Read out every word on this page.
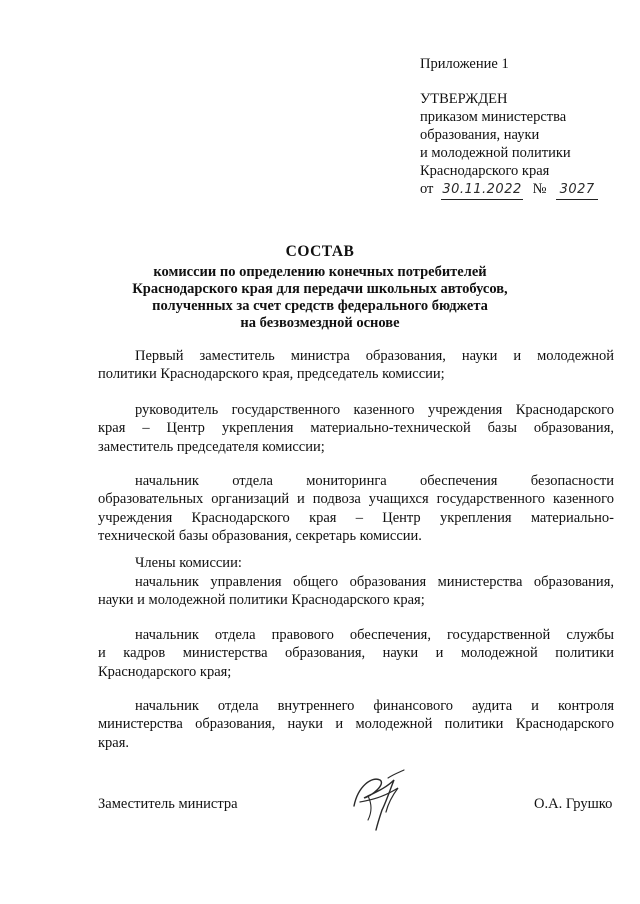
Приложение 1
УТВЕРЖДЕН
приказом министерства
образования, науки
и молодежной политики
Краснодарского края
от 30.11.2022 № 3027
СОСТАВ
комиссии по определению конечных потребителей
Краснодарского края для передачи школьных автобусов,
полученных за счет средств федерального бюджета
на безвозмездной основе
Первый заместитель министра образования, науки и молодежной
политики Краснодарского края, председатель комиссии;
руководитель государственного казенного учреждения Краснодарского
края – Центр укрепления материально-технической базы образования,
заместитель председателя комиссии;
начальник отдела мониторинга обеспечения безопасности
образовательных организаций и подвоза учащихся государственного казенного
учреждения Краснодарского края – Центр укрепления материально-
технической базы образования, секретарь комиссии.
Члены комиссии:
начальник управления общего образования министерства образования,
науки и молодежной политики Краснодарского края;
начальник отдела правового обеспечения, государственной службы
и кадров министерства образования, науки и молодежной политики
Краснодарского края;
начальник отдела внутреннего финансового аудита и контроля
министерства образования, науки и молодежной политики Краснодарского
края.
Заместитель министра	О.А. Грушко
